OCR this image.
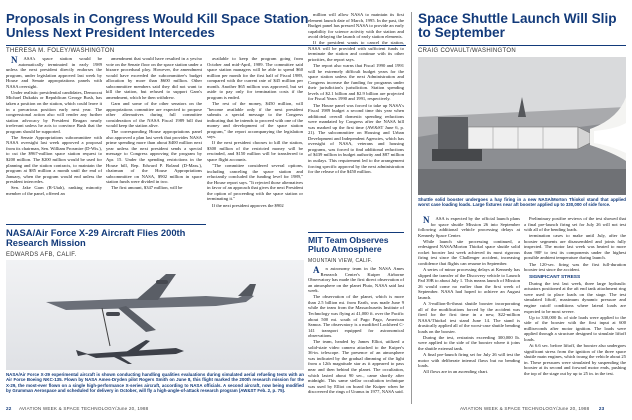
Proposals in Congress Would Kill Space Station Unless Next President Intercedes
THERESA M. FOLEY/WASHINGTON

NASA's space station would be automatically terminated in early 1989 unless the next president directly endorses the program, under legislation approved last week by House and Senate appropriations panels with NASA oversight.

Under realistic presidential candidates, Democrat Michael Dukakis or Republican George Bush, has taken a position on the station, which could leave it in a precarious position early next year. The congressional action also will render any further station advocacy by President Reagan nearly irrelevant unless he acts to convince Bush that the program should be supported.

The Senate Appropriations subcommittee with NASA oversight last week approved a proposal from its chairman, Sen. William Proxmire (D-Wis.), to cut the $967-million space station request to $200 million. The $200 million would be used for planning and the station contracts, to maintain the program at $85 million a month until the end of January, when the program would end unless the president intercedes.

Sen. Jake Garn (R-Utah), ranking minority member of the panel, offered an

amendment that would have resulted in a yes/no vote on the Senate floor on the space station under a bizarre procedural ploy. However, the amendment would have exceeded the subcommittee's budget allocation by more than $600 million. Other subcommittee members said they did not want to kill the station, but refused to support Garn's amendment, which he then withdrew.

Garn and some of the other senators on the appropriations committee are expected to propose other alternatives during full committee consideration of the NASA Fiscal 1989 bill that would keep the station alive.

The corresponding House appropriations panel also approved a plan last week that provides NASA prime spending more than about $400 million next year unless the next president sends a special message to Congress approving the program by Apr. 15. Under the spending restrictions in the House bill, Rep. Edward P. Boland (D-Mass.), chairman of the House Appropriations subcommittee on NASA, $902 million in space station funds were divided in two.

The first amount, $347 million, will be

available to keep the program going from October and mid-April, 1989. The committee said space station managers will be able to spend $60 million per month for the first half of Fiscal 1989, compared with the current rate of $45 million per month. Another $65 million was approved, but set aside to pay only for termination costs if the program is ended.

The rest of the money, $450 million, will "become available only if the next president submits a special message to the Congress indicating that he intends to proceed with one of the money and development of the space station program," the report accompanying the legislation says.

If the next president chooses to kill the station, $300 million of the restricted money will be rescinded, and $150 million will be transferred to space flight accounts.

"The committee considered several options, including canceling the space station and reluctantly concluded the funding level for 1989," the House report says. "It rejected those alternatives in favor of an approach that gives the next President the option of proceeding with the space station or terminating it."

If the next president approves the $902

million will allow NASA to maintain its first element launch date of March, 1995. In the past, the Budget panel has pressed NASA to provide an early capability for science activity with the station and avoid delaying the launch of early station elements.

If the president wants to cancel the station, NASA will be provided with sufficient funds to terminate the station and continue with its other priorities, the report says.

The report also warns that Fiscal 1990 and 1991 will be extremely difficult budget years for the space station unless the next Administration and Congress increase the funding for programs under their jurisdiction's jurisdiction. Station spending levels of $2.1 billion and $2.9 billion are projected for Fiscal Years 1990 and 1991, respectively.

The House panel was forced to take up NASA's Fiscal 1989 budget a second time this year when additional overall domestic spending reductions were mandated by Congress after the NASA bill was marked up the first time (AW&ST June 6, p. 21). The subcommittee on Housing and Urban Development and Independent Agencies, which has oversight of NASA, veterans and housing programs, was forced to find additional reductions of $439 million in budget authority and $87 million in outlays. This requirement led to the arrangement forcing specific approval by the next administration for the release of the $450 million.

NASA/Air Force X-29 Aircraft Flies 200th Research Mission
EDWARDS AFB, CALIF.
NASA/Air Force X-29 experimental aircraft is shown conducting handling qualities evaluations during simulated aerial refueling tests with an Air Force Boeing NKC-135. Flown by NASA Ames-Dryden pilot Rogers Smith on June 8, this flight marked the 200th research mission for the X-29, the most-ever flown on a single high-performance X-series aircraft, according to NASA officials. A second aircraft, now being modified by Grumman Aerospace and scheduled for delivery in October, will fly a high-angle-of-attack research program (AW&ST Feb. 2, p. 75).
MIT Team Observes Pluto Atmosphere
MOUNTAIN VIEW, CALIF.

An astronomy team in the NASA Ames Research Center's Kuiper Airborne Observatory has made the first direct observation of an atmosphere on the planet Pluto, NASA said last week.

The observation of the planet, which is more than 2.5 billion mi. from Earth, was made June 9 while the team from the Massachusetts Institute of Technology was flying at 41,000 ft. over the Pacific about 500 mi. south of Pago Pago, American Samoa. The observatory is a modified Lockheed C-141 transport equipped for astronomical observations.

The team, headed by James Elliot, utilized a solid-state video camera attached to the Kuiper's 36-in. telescope. The presence of an atmosphere was indicated by the gradual dimming of the light from a 12th magnitude star as it appeared to pass near and then behind the planet. The occultation, which lasted about 90 sec., came shortly after midnight. This same stellar occultation technique was used by Elliot on board the Kuiper when he discovered the rings of Uranus in 1977, NASA said.

22 AVIATION WEEK & SPACE TECHNOLOGY/June 20, 1988
Space Shuttle Launch Will Slip to September
CRAIG COVAULT/WASHINGTON
Shuttle solid booster undergoes a hay firing in a new NASA/Morton Thiokol stand that applied worst case loading loads. Large fixtures near aft booster applied up to 330,000 of side force.

NASA is expected by the official launch plans for space shuttle Mission 26 into September following additional vehicle processing delays at Kennedy Space Center.

While launch site processing continued, a redesigned NASA/Morton Thiokol space shuttle solid rocket booster last week achieved its most rigorous firing test since the Challenger accident, increasing confidence that flights can resume in September.

A series of minor processing delays at Kennedy has slipped the transfer of the Discovery vehicle to Launch Pad 39B to about July 1. This means launch of Mission 26 would come no earlier than the first week of September. NASA had hoped to achieve an August launch.

A 3-million-lb-thrust shuttle booster incorporating all of the modifications forced by the accident was fired for the first time in a new, $22-million NASA/Thiokol test stand June 14. The stand is drastically applied all of the worst-case shuttle bending loads on the booster.

During the test, restraints exceeding 300,000 lb. were applied to the side of the booster where it joins the shuttle external tank.

A final pre-launch firing set for July 26 will test the motor with deliberate internal flaws but no bending loads.

All flows are in an ascending chart.

Preliminary postfire reviews of the test showed that a final pre-launch firing set for July 26 will not test with all of the bending loads.

termination cases to make until July, after the booster segments are disassembled and joints fully inspected. The motor last week was heated to more than 90F to test its components under the highest possible ambient temperature during launch.

The 120-sec. firing was the first full-duration booster test since the accident.

SIGNIFICANT STRESS

During the test last week, three large hydraulic actuators positioned at the aft end tank attachment ring were used to place loads on the stage. The test simulated liftoff, maximum dynamic pressure and engine cutoff conditions where lateral loads are expected to be most severe.

Up to 330,000 lb. of side loads were applied to the side of the booster with the first input at 600 milliseconds after motor ignition. The loads were applied through a structure designed to simulate liftoff loads.

At 6.6 sec. before liftoff, the booster also undergoes significant stress from the ignition of the three space shuttle main engines, which twang the vehicle about 25 in. These pressures were simulated by suspending the booster at its second and forward motor ends, pushing the top of the stage out by up to 25 in. in the test.

AVIATION WEEK & SPACE TECHNOLOGY/June 20, 1988 23
